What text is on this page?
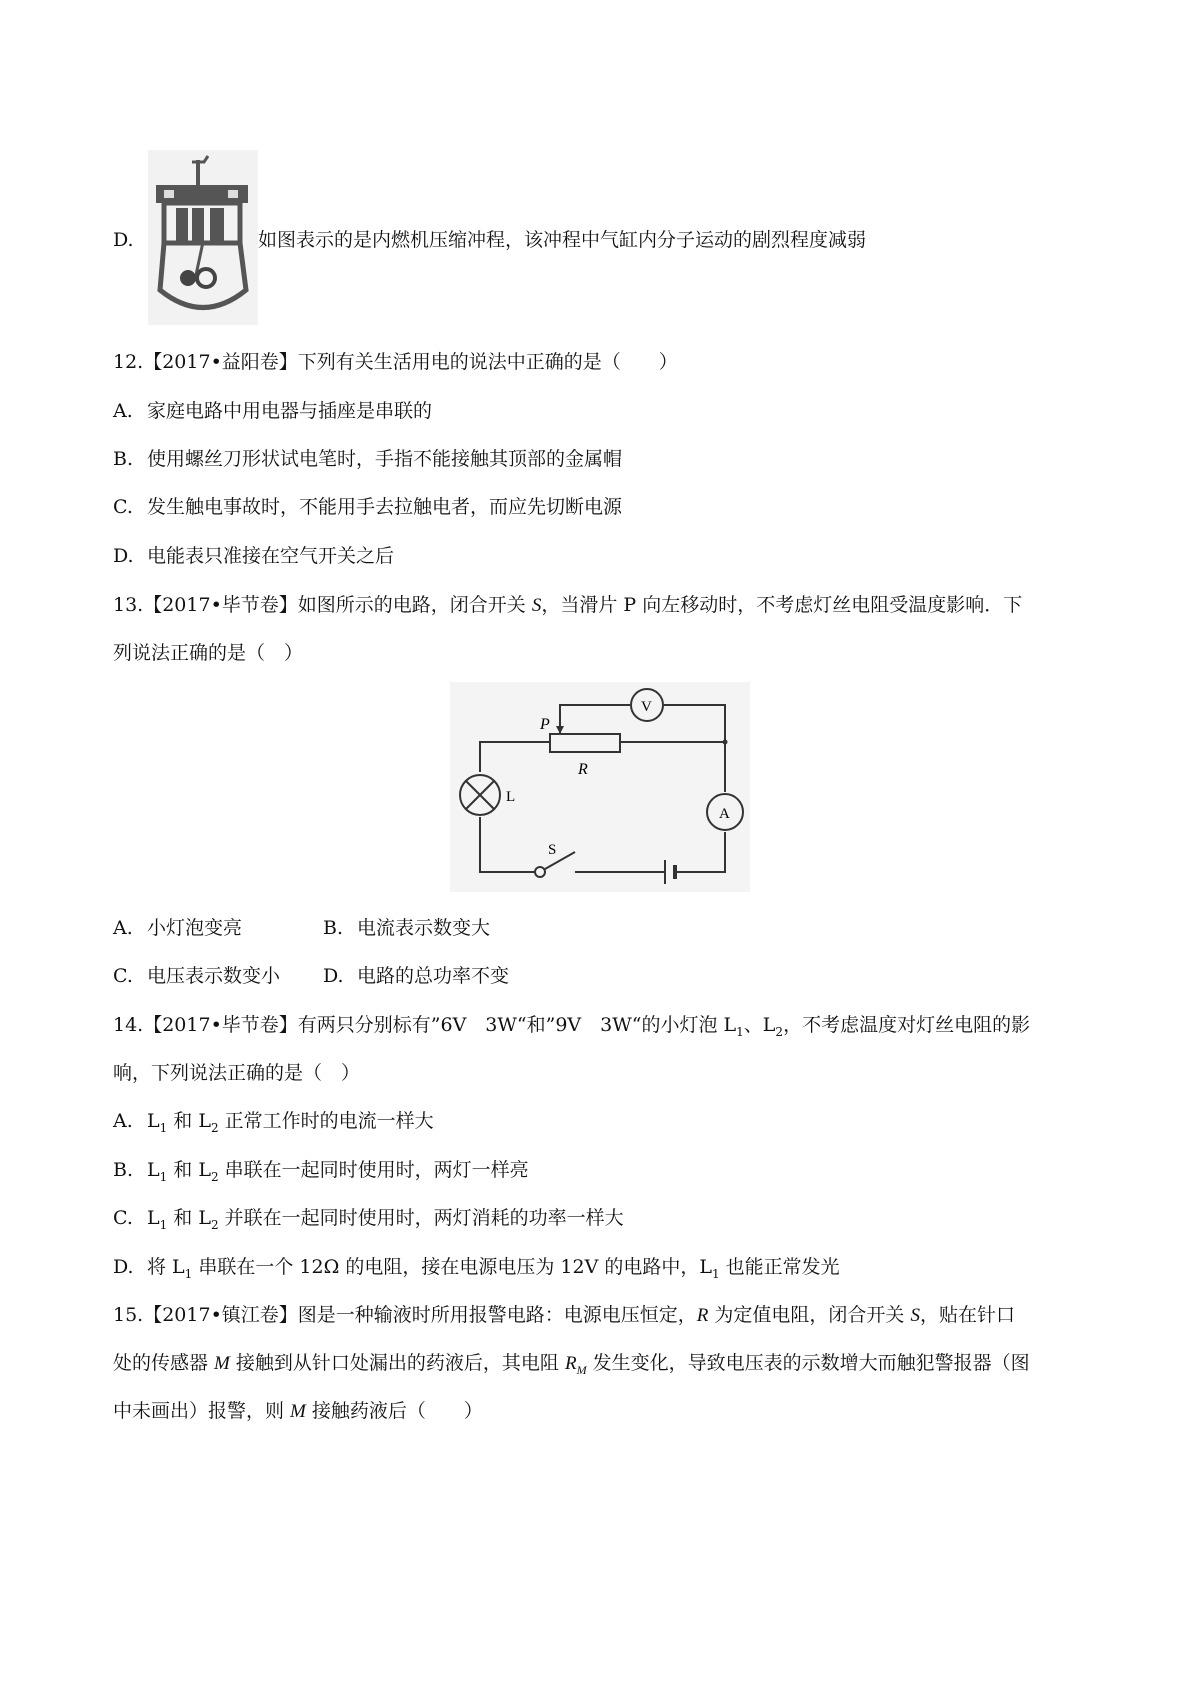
D.	如图表示的是内燃机压缩冲程，该冲程中气缸内分子运动的剧烈程度减弱
12.【2017•益阳卷】下列有关生活用电的说法中正确的是（　　）
A. 家庭电路中用电器与插座是串联的
B. 使用螺丝刀形状试电笔时，手指不能接触其顶部的金属帽
C. 发生触电事故时，不能用手去拉触电者，而应先切断电源
D. 电能表只准接在空气开关之后
13.【2017•毕节卷】如图所示的电路，闭合开关 S，当滑片 P 向左移动时，不考虑灯丝电阻受温度影响．下
列说法正确的是（　）
P
R
V
A
L
S
A. 小灯泡变亮	B. 电流表示数变大
C. 电压表示数变小 D. 电路的总功率不变
14.【2017•毕节卷】有两只分别标有”6V　3W“和”9V　3W“的小灯泡 $L_1$、$L_2$，不考虑温度对灯丝电阻的影
响，下列说法正确的是（　）
A. $L_1$ 和 $L_2$ 正常工作时的电流一样大
B. $L_1$ 和 $L_2$ 串联在一起同时使用时，两灯一样亮
C. $L_1$ 和 $L_2$ 并联在一起同时使用时，两灯消耗的功率一样大
D. 将 $L_1$ 串联在一个 12Ω 的电阻，接在电源电压为 12V 的电路中，$L_1$ 也能正常发光
15.【2017•镇江卷】图是一种输液时所用报警电路：电源电压恒定，R 为定值电阻，闭合开关 S，贴在针口
处的传感器 M 接触到从针口处漏出的药液后，其电阻 $R_M$ 发生变化，导致电压表的示数增大而触犯警报器（图
中未画出）报警，则 M 接触药液后（　　）
